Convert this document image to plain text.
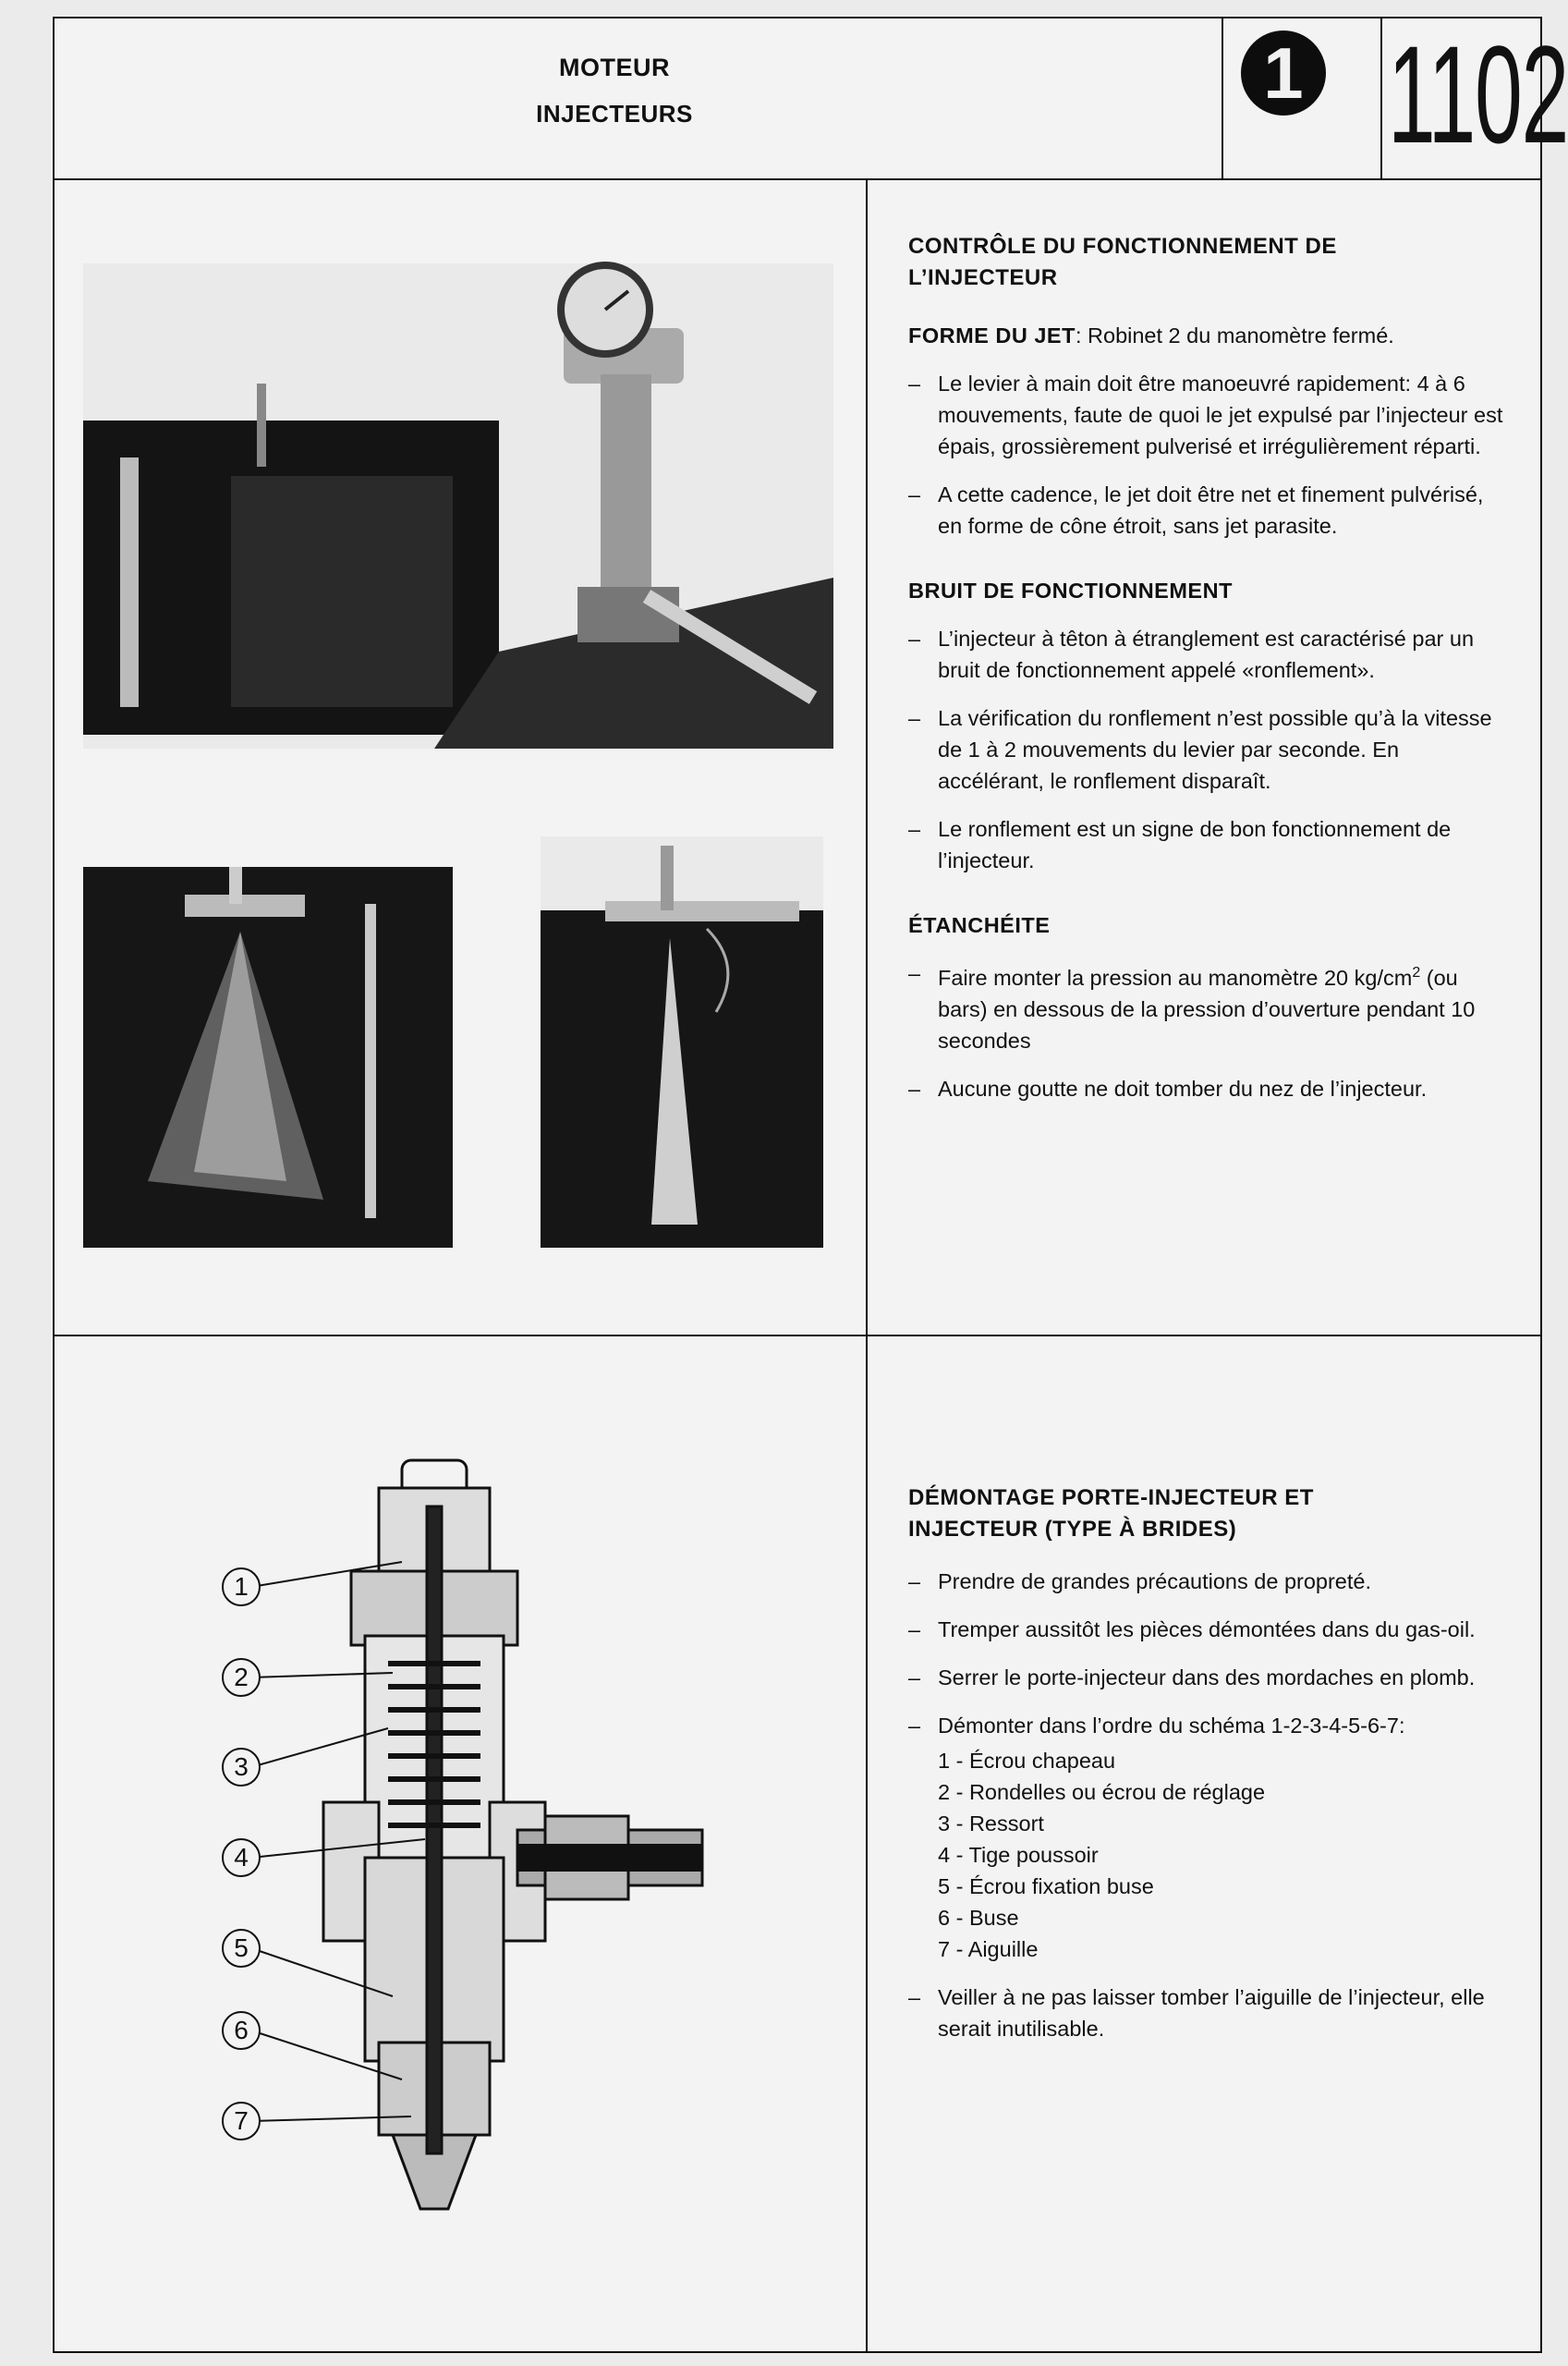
MOTEUR
INJECTEURS	1 1102
CONTRÔLE DU FONCTIONNEMENT DE
L’INJECTEUR

FORME DU JET: Robinet 2 du manomètre fermé.

– Le levier à main doit être manoeuvré rapidement: 4 à 6 mouvements, faute de quoi le jet expulsé par l’injecteur est épais, grossièrement pulverisé et irrégulièrement réparti.
– A cette cadence, le jet doit être net et finement pulvérisé, en forme de cône étroit, sans jet parasite.

BRUIT DE FONCTIONNEMENT

– L’injecteur à têton à étranglement est caractérisé par un bruit de fonctionnement appelé «ronflement».
– La vérification du ronflement n’est possible qu’à la vitesse de 1 à 2 mouvements du levier par seconde. En accélérant, le ronflement disparaît.
– Le ronflement est un signe de bon fonctionnement de l’injecteur.

ÉTANCHÉITE

– Faire monter la pression au manomètre 20 $kg/cm^2$ (ou bars) en dessous de la pression d’ouverture pendant 10 secondes
– Aucune goutte ne doit tomber du nez de l’injecteur.
DÉMONTAGE PORTE-INJECTEUR ET
INJECTEUR (TYPE À BRIDES)
– Prendre de grandes précautions de propreté.
– Tremper aussitôt les pièces démontées dans du gas-oil.
– Serrer le porte-injecteur dans des mordaches en plomb.
– Démonter dans l’ordre du schéma 1-2-3-4-5-6-7:
1 - Écrou chapeau
2 - Rondelles ou écrou de réglage
3 - Ressort
4 - Tige poussoir
5 - Écrou fixation buse
6 - Buse
7 - Aiguille
– Veiller à ne pas laisser tomber l’aiguille de l’injecteur, elle serait inutilisable.
1
2
3
4
5
6
7
